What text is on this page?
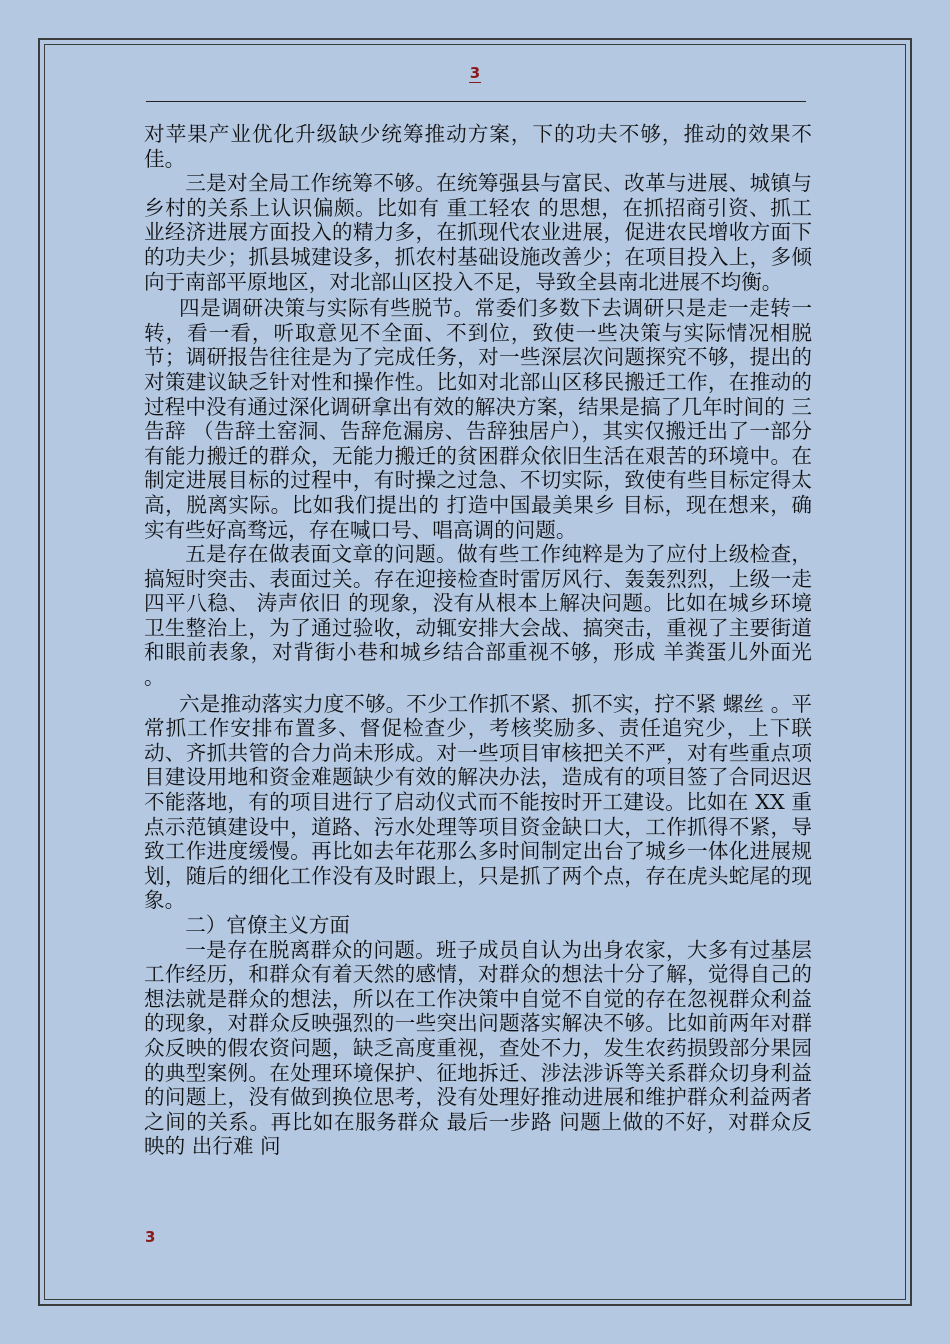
3

对苹果产业优化升级缺少统筹推动方案，下的功夫不够，推动的效果不佳。

三是对全局工作统筹不够。在统筹强县与富民、改革与进展、城镇与乡村的关系上认识偏颇。比如有 重工轻农 的思想，在抓招商引资、抓工业经济进展方面投入的精力多，在抓现代农业进展，促进农民增收方面下的功夫少；抓县城建设多，抓农村基础设施改善少；在项目投入上，多倾向于南部平原地区，对北部山区投入不足，导致全县南北进展不均衡。

四是调研决策与实际有些脱节。常委们多数下去调研只是走一走转一转，看一看，听取意见不全面、不到位，致使一些决策与实际情况相脱节；调研报告往往是为了完成任务，对一些深层次问题探究不够，提出的对策建议缺乏针对性和操作性。比如对北部山区移民搬迁工作，在推动的过程中没有通过深化调研拿出有效的解决方案，结果是搞了几年时间的 三告辞 （告辞土窑洞、告辞危漏房、告辞独居户），其实仅搬迁出了一部分有能力搬迁的群众，无能力搬迁的贫困群众依旧生活在艰苦的环境中。在制定进展目标的过程中，有时操之过急、不切实际，致使有些目标定得太高，脱离实际。比如我们提出的 打造中国最美果乡 目标，现在想来，确实有些好高骛远，存在喊口号、唱高调的问题。

五是存在做表面文章的问题。做有些工作纯粹是为了应付上级检查，搞短时突击、表面过关。存在迎接检查时雷厉风行、轰轰烈烈，上级一走四平八稳、 涛声依旧 的现象，没有从根本上解决问题。比如在城乡环境卫生整治上，为了通过验收，动辄安排大会战、搞突击，重视了主要街道和眼前表象，对背街小巷和城乡结合部重视不够，形成 羊粪蛋儿外面光 。

六是推动落实力度不够。不少工作抓不紧、抓不实，拧不紧 螺丝 。平常抓工作安排布置多、督促检查少，考核奖励多、责任追究少，上下联动、齐抓共管的合力尚未形成。对一些项目审核把关不严，对有些重点项目建设用地和资金难题缺少有效的解决办法，造成有的项目签了合同迟迟不能落地，有的项目进行了启动仪式而不能按时开工建设。比如在 XX 重点示范镇建设中，道路、污水处理等项目资金缺口大，工作抓得不紧，导致工作进度缓慢。再比如去年花那么多时间制定出台了城乡一体化进展规划，随后的细化工作没有及时跟上，只是抓了两个点，存在虎头蛇尾的现象。

二）官僚主义方面

一是存在脱离群众的问题。班子成员自认为出身农家，大多有过基层工作经历，和群众有着天然的感情，对群众的想法十分了解，觉得自己的想法就是群众的想法，所以在工作决策中自觉不自觉的存在忽视群众利益的现象，对群众反映强烈的一些突出问题落实解决不够。比如前两年对群众反映的假农资问题，缺乏高度重视，查处不力，发生农药损毁部分果园的典型案例。在处理环境保护、征地拆迁、涉法涉诉等关系群众切身利益的问题上，没有做到换位思考，没有处理好推动进展和维护群众利益两者之间的关系。再比如在服务群众 最后一步路 问题上做的不好，对群众反映的 出行难 问

3
